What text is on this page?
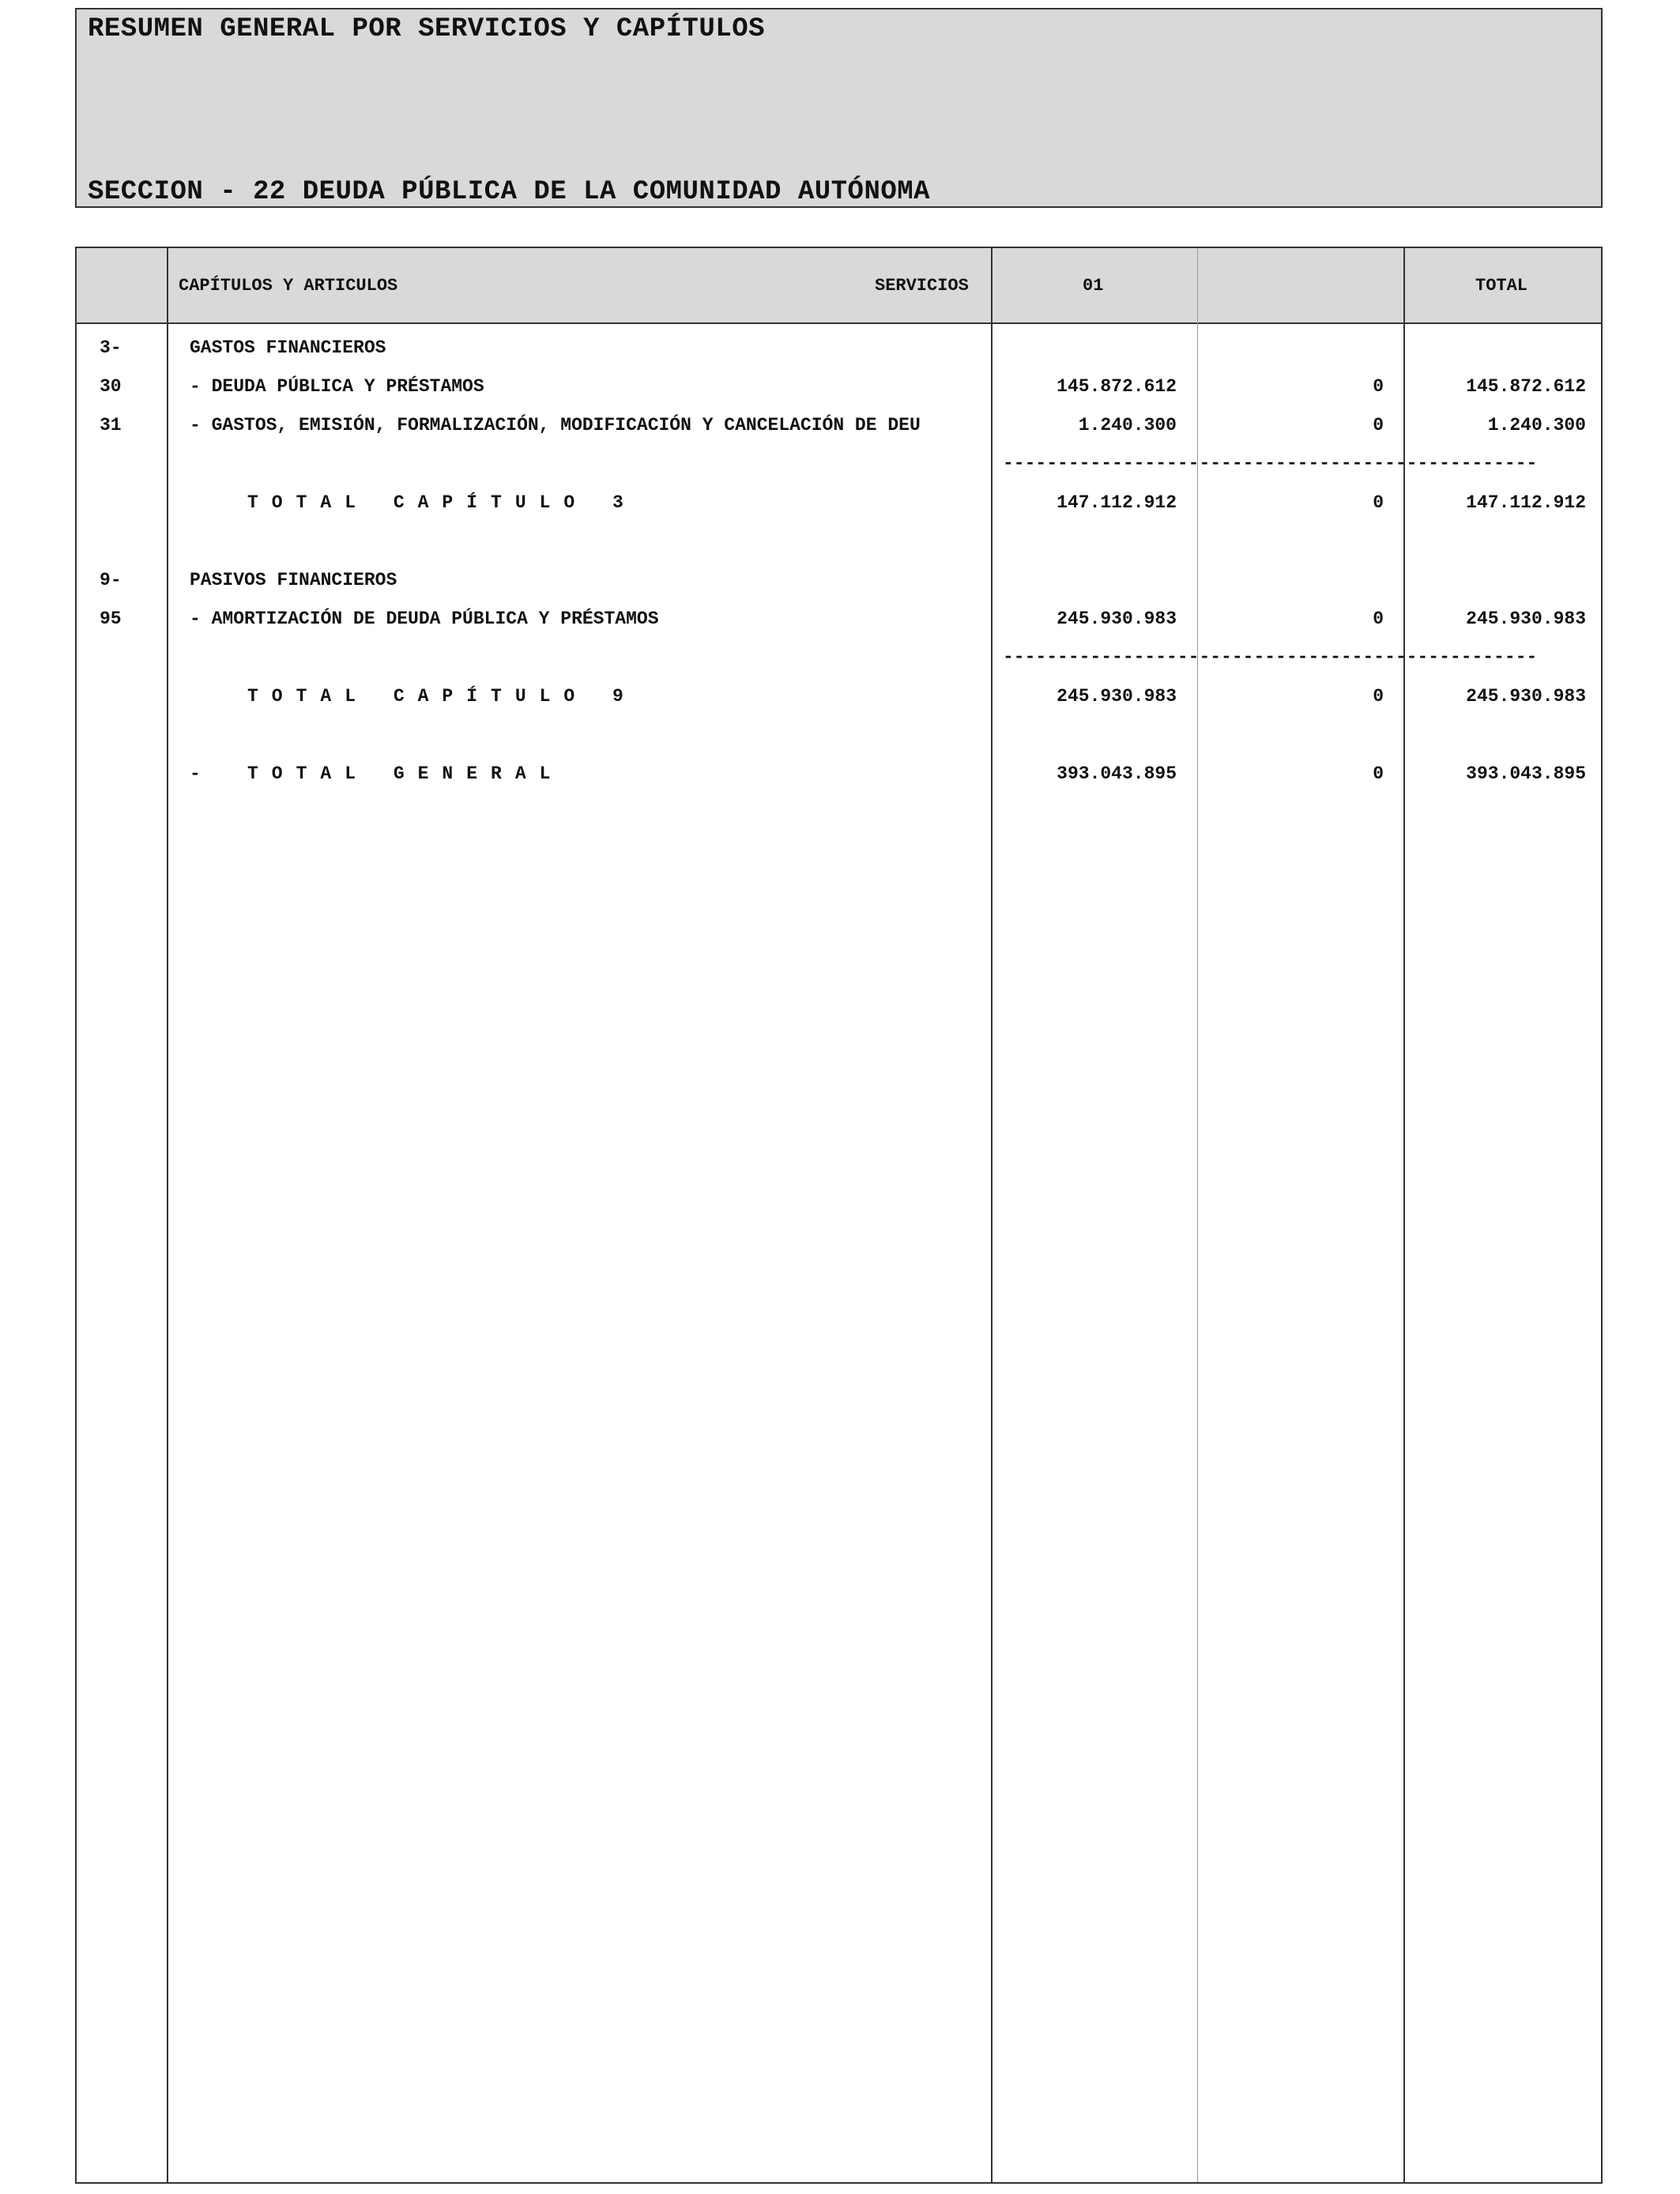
RESUMEN GENERAL POR SERVICIOS Y CAPÍTULOS
SECCION - 22 DEUDA PÚBLICA DE LA COMUNIDAD AUTÓNOMA
CAPÍTULOS Y ARTICULOS	SERVICIOS	01	TOTAL
3-	GASTOS FINANCIEROS
30	- DEUDA PÚBLICA Y PRÉSTAMOS	145.872.612	0	145.872.612
31	- GASTOS, EMISIÓN, FORMALIZACIÓN, MODIFICACIÓN Y CANCELACIÓN DE DEU	1.240.300	0	1.240.300
-------------------------------------------------
TOTAL CAPÍTULO 3	147.112.912	0	147.112.912
9-	PASIVOS FINANCIEROS
95	- AMORTIZACIÓN DE DEUDA PÚBLICA Y PRÉSTAMOS	245.930.983	0	245.930.983
-------------------------------------------------
TOTAL CAPÍTULO 9	245.930.983	0	245.930.983
-	TOTAL GENERAL	393.043.895	0	393.043.895
